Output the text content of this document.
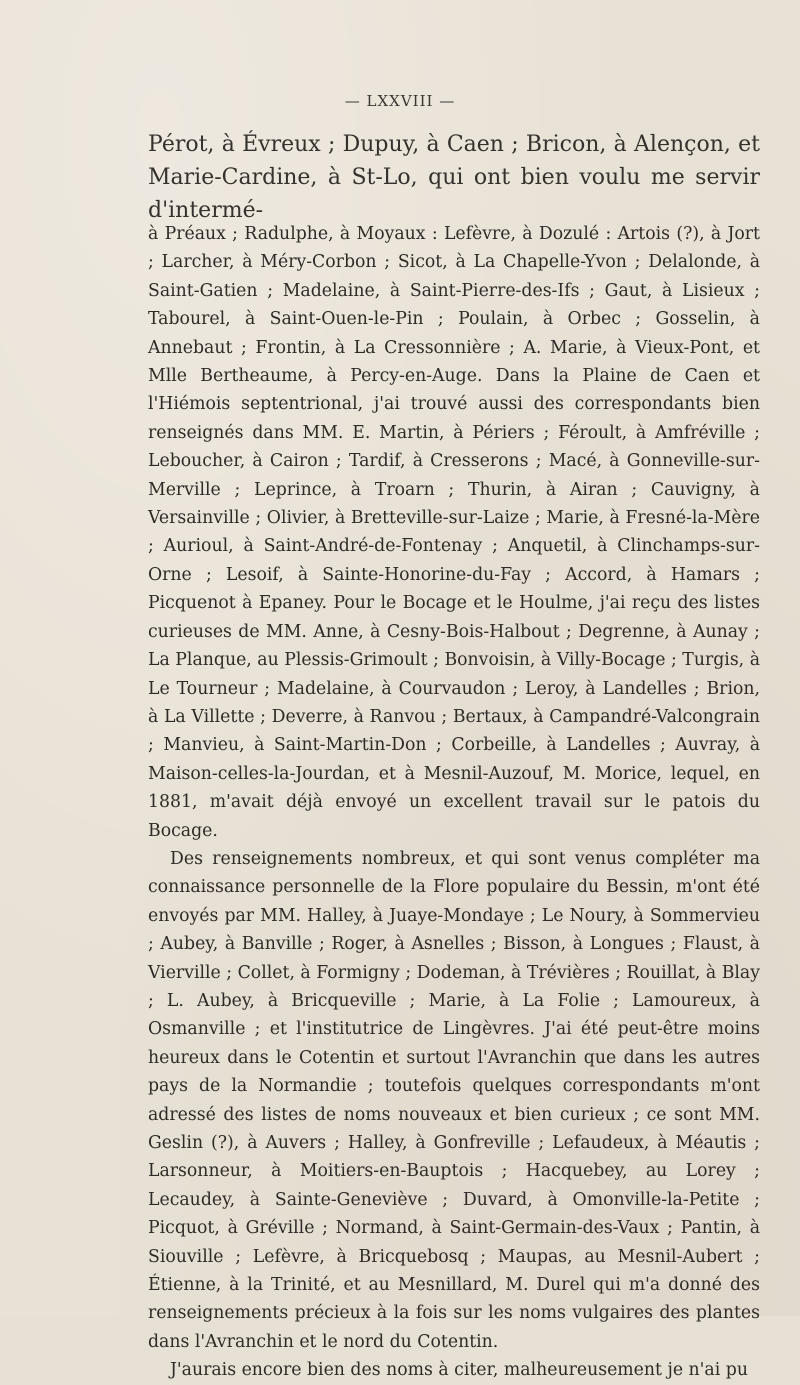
— LXXVIII —

Pérot, à Évreux ; Dupuy, à Caen ; Bricon, à Alençon, et Marie-Cardine, à St-Lo, qui ont bien voulu me servir d'intermé-

à Préaux ; Radulphe, à Moyaux : Lefèvre, à Dozulé : Artois (?), à Jort ; Larcher, à Méry-Corbon ; Sicot, à La Chapelle-Yvon ; Delalonde, à Saint-Gatien ; Madelaine, à Saint-Pierre-des-Ifs ; Gaut, à Lisieux ; Tabourel, à Saint-Ouen-le-Pin ; Poulain, à Orbec ; Gosselin, à Annebaut ; Frontin, à La Cressonnière ; A. Marie, à Vieux-Pont, et Mlle Bertheaume, à Percy-en-Auge. Dans la Plaine de Caen et l'Hiémois septentrional, j'ai trouvé aussi des correspondants bien renseignés dans MM. E. Martin, à Périers ; Féroult, à Amfréville ; Leboucher, à Cairon ; Tardif, à Cresserons ; Macé, à Gonneville-sur-Merville ; Leprince, à Troarn ; Thurin, à Airan ; Cauvigny, à Versainville ; Olivier, à Bretteville-sur-Laize ; Marie, à Fresné-la-Mère ; Aurioul, à Saint-André-de-Fontenay ; Anquetil, à Clinchamps-sur-Orne ; Lesoif, à Sainte-Honorine-du-Fay ; Accord, à Hamars ; Picquenot à Epaney. Pour le Bocage et le Houlme, j'ai reçu des listes curieuses de MM. Anne, à Cesny-Bois-Halbout ; Degrenne, à Aunay ; La Planque, au Plessis-Grimoult ; Bonvoisin, à Villy-Bocage ; Turgis, à Le Tourneur ; Madelaine, à Courvaudon ; Leroy, à Landelles ; Brion, à La Villette ; Deverre, à Ranvou ; Bertaux, à Campandré-Valcongrain ; Manvieu, à Saint-Martin-Don ; Corbeille, à Landelles ; Auvray, à Maison-celles-la-Jourdan, et à Mesnil-Auzouf, M. Morice, lequel, en 1881, m'avait déjà envoyé un excellent travail sur le patois du Bocage.

Des renseignements nombreux, et qui sont venus compléter ma connaissance personnelle de la Flore populaire du Bessin, m'ont été envoyés par MM. Halley, à Juaye-Mondaye ; Le Noury, à Sommervieu ; Aubey, à Banville ; Roger, à Asnelles ; Bisson, à Longues ; Flaust, à Vierville ; Collet, à Formigny ; Dodeman, à Trévières ; Rouillat, à Blay ; L. Aubey, à Bricqueville ; Marie, à La Folie ; Lamoureux, à Osmanville ; et l'institutrice de Lingèvres. J'ai été peut-être moins heureux dans le Cotentin et surtout l'Avranchin que dans les autres pays de la Normandie ; toutefois quelques correspondants m'ont adressé des listes de noms nouveaux et bien curieux ; ce sont MM. Geslin (?), à Auvers ; Halley, à Gonfreville ; Lefaudeux, à Méautis ; Larsonneur, à Moitiers-en-Bauptois ; Hacquebey, au Lorey ; Lecaudey, à Sainte-Geneviève ; Duvard, à Omonville-la-Petite ; Picquot, à Gréville ; Normand, à Saint-Germain-des-Vaux ; Pantin, à Siouville ; Lefèvre, à Bricquebosq ; Maupas, au Mesnil-Aubert ; Étienne, à la Trinité, et au Mesnillard, M. Durel qui m'a donné des renseignements précieux à la fois sur les noms vulgaires des plantes dans l'Avranchin et le nord du Cotentin.

J'aurais encore bien des noms à citer, malheureusement je n'ai pu
